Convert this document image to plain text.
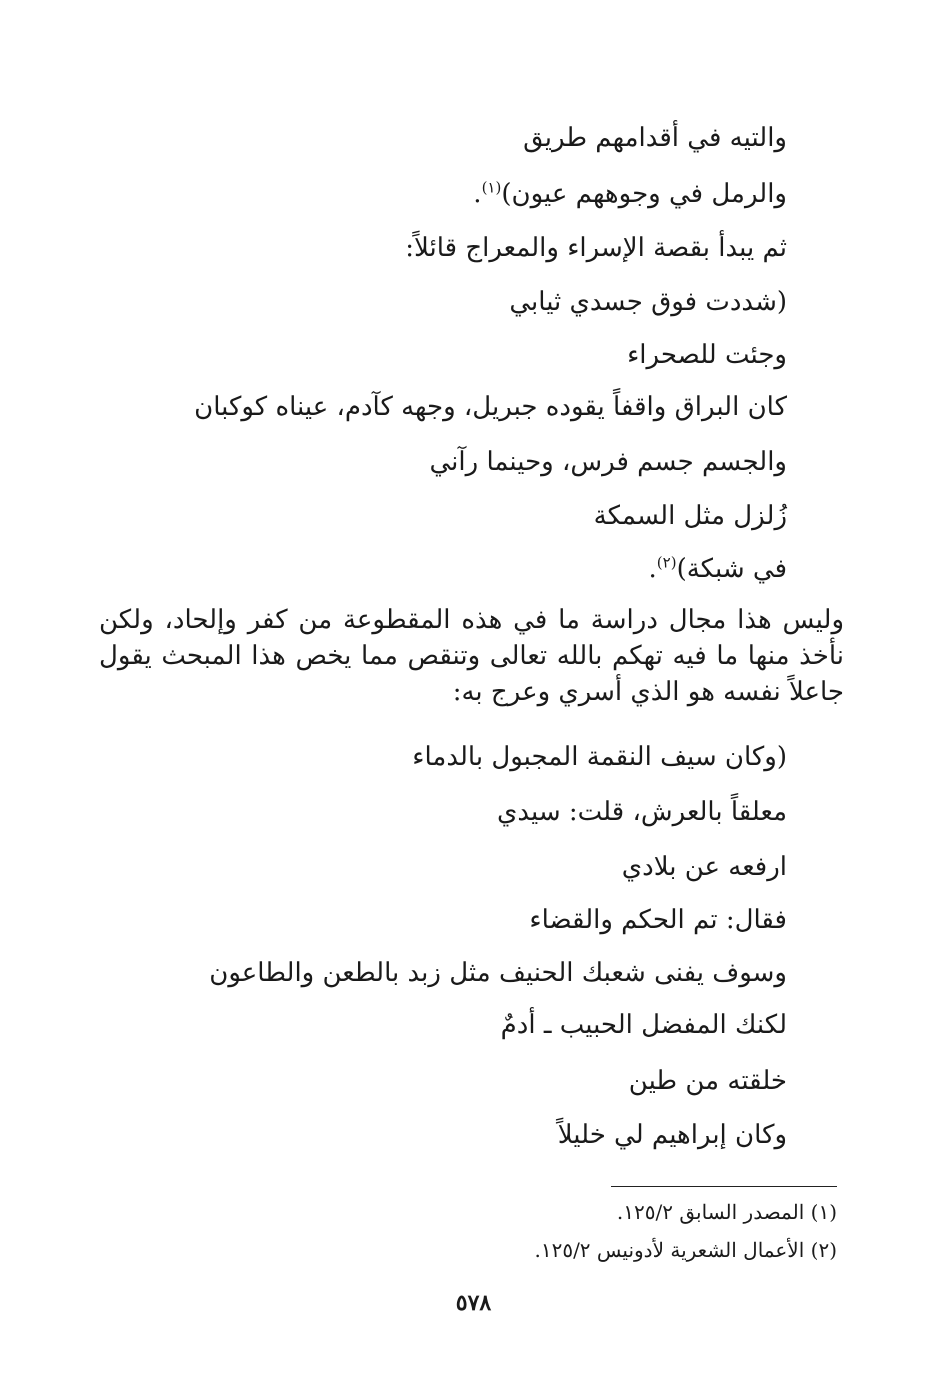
والتيه في أقدامهم طريق
والرمل في وجوههم عيون)$^{(١)}$.
ثم يبدأ بقصة الإسراء والمعراج قائلاً:
(شددت فوق جسدي ثيابي
وجئت للصحراء
كان البراق واقفاً يقوده جبريل، وجهه كآدم، عيناه كوكبان
والجسم جسم فرس، وحينما رآني
زُلزل مثل السمكة
في شبكة)$^{(٢)}$.
وليس هذا مجال دراسة ما في هذه المقطوعة من كفر وإلحاد، ولكن نأخذ منها ما فيه تهكم بالله تعالى وتنقص مما يخص هذا المبحث يقول جاعلاً نفسه هو الذي أسري وعرج به:
(وكان سيف النقمة المجبول بالدماء
معلقاً بالعرش، قلت: سيدي
ارفعه عن بلادي
فقال: تم الحكم والقضاء
وسوف يفنى شعبك الحنيف مثل زبد بالطعن والطاعون
لكنك المفضل الحبيب ـ أدمٌ
خلقته من طين
وكان إبراهيم لي خليلاً
(١) المصدر السابق ١٢٥/٢.
(٢) الأعمال الشعرية لأدونيس ١٢٥/٢.
٥٧٨
